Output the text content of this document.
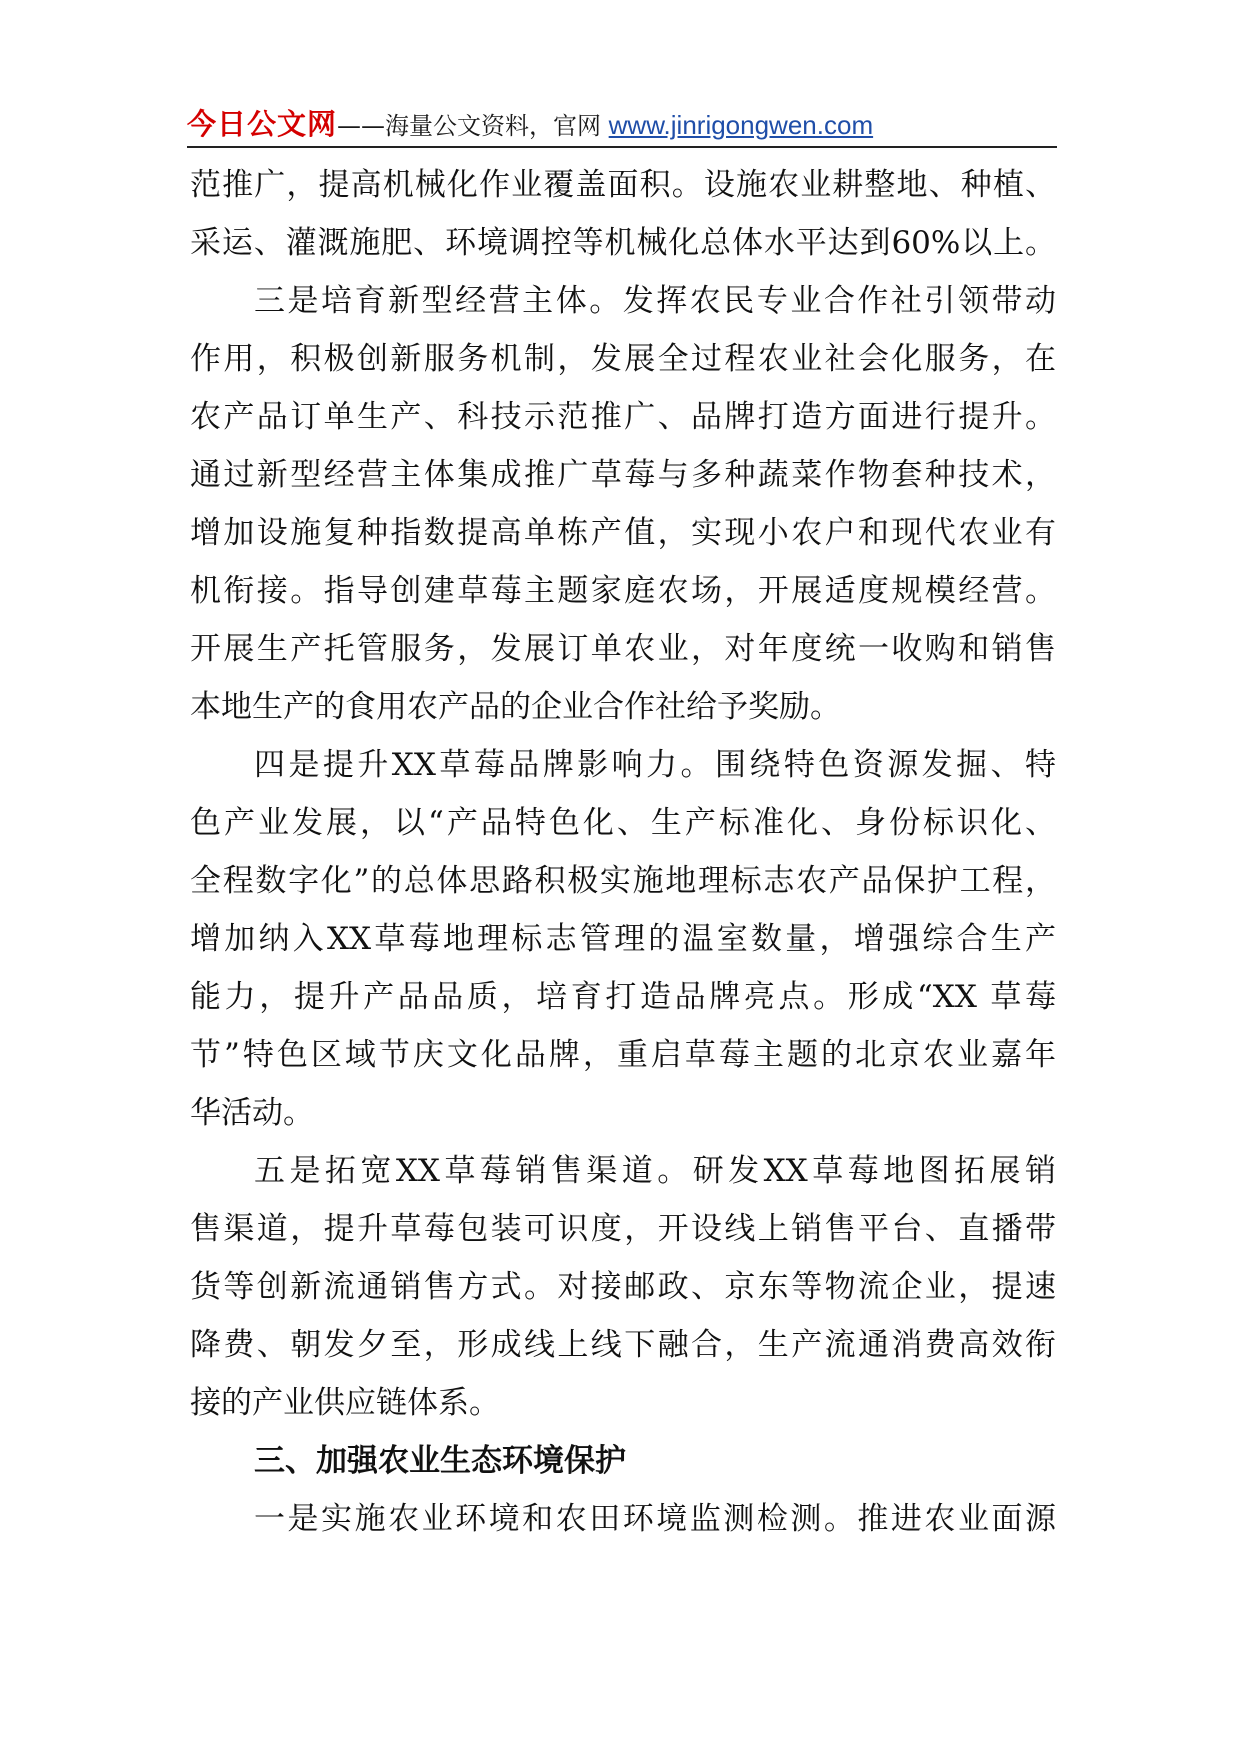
今日公文网——海量公文资料，官网 www.jinrigongwen.com
范推广，提高机械化作业覆盖面积。设施农业耕整地、种植、
采运、灌溉施肥、环境调控等机械化总体水平达到60%以上。
三是培育新型经营主体。发挥农民专业合作社引领带动
作用，积极创新服务机制，发展全过程农业社会化服务，在
农产品订单生产、科技示范推广、品牌打造方面进行提升。
通过新型经营主体集成推广草莓与多种蔬菜作物套种技术，
增加设施复种指数提高单栋产值，实现小农户和现代农业有
机衔接。指导创建草莓主题家庭农场，开展适度规模经营。
开展生产托管服务，发展订单农业，对年度统一收购和销售
本地生产的食用农产品的企业合作社给予奖励。
四是提升XX草莓品牌影响力。围绕特色资源发掘、特
色产业发展，以“产品特色化、生产标准化、身份标识化、
全程数字化”的总体思路积极实施地理标志农产品保护工程，
增加纳入XX草莓地理标志管理的温室数量，增强综合生产
能力，提升产品品质，培育打造品牌亮点。形成“XX 草莓
节”特色区域节庆文化品牌，重启草莓主题的北京农业嘉年
华活动。
五是拓宽XX草莓销售渠道。研发XX草莓地图拓展销
售渠道，提升草莓包装可识度，开设线上销售平台、直播带
货等创新流通销售方式。对接邮政、京东等物流企业，提速
降费、朝发夕至，形成线上线下融合，生产流通消费高效衔
接的产业供应链体系。
三、加强农业生态环境保护
一是实施农业环境和农田环境监测检测。推进农业面源
